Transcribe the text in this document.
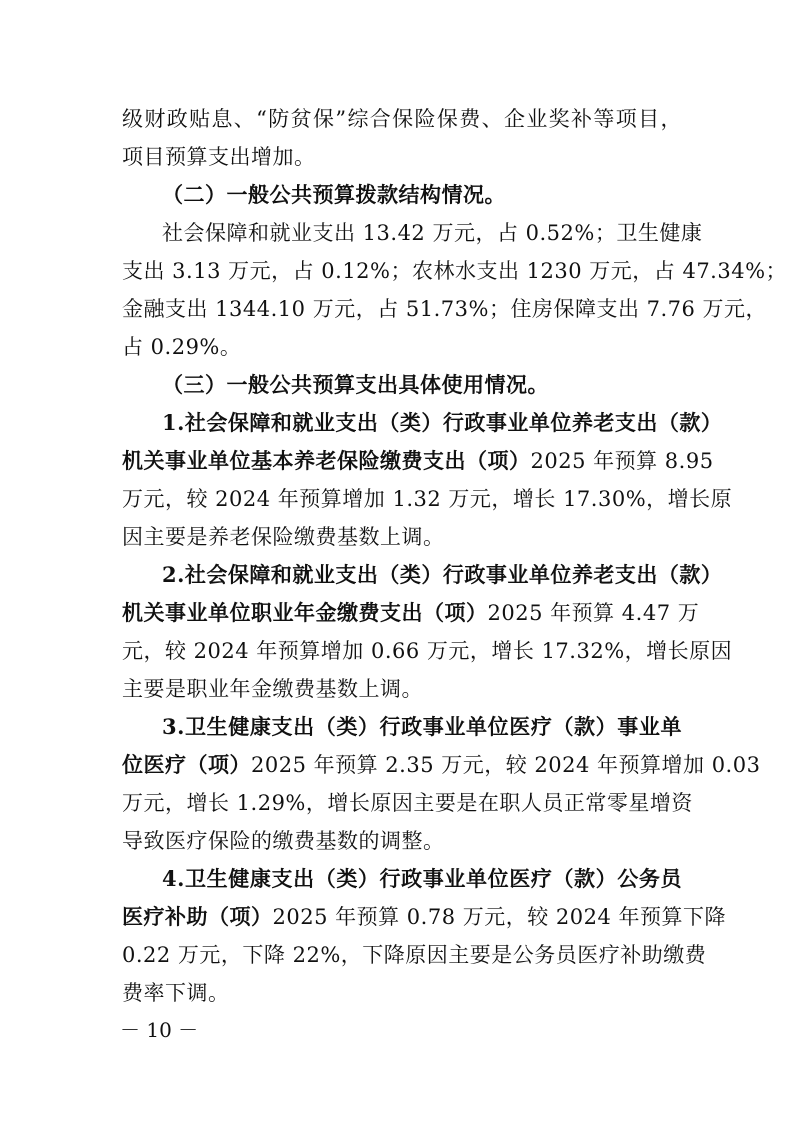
级财政贴息、“防贫保”综合保险保费、企业奖补等项目，
项目预算支出增加。
（二）一般公共预算拨款结构情况。
社会保障和就业支出 13.42 万元，占 0.52%；卫生健康
支出 3.13 万元，占 0.12%；农林水支出 1230 万元，占 47.34%；
金融支出 1344.10 万元，占 51.73%；住房保障支出 7.76 万元，
占 0.29%。
（三）一般公共预算支出具体使用情况。
1.社会保障和就业支出（类）行政事业单位养老支出（款）
机关事业单位基本养老保险缴费支出（项） 2025 年预算 8.95
万元，较 2024 年预算增加 1.32 万元，增长 17.30%，增长原
因主要是养老保险缴费基数上调。
2.社会保障和就业支出（类）行政事业单位养老支出（款）
机关事业单位职业年金缴费支出（项） 2025 年预算 4.47 万
元，较 2024 年预算增加 0.66 万元，增长 17.32%，增长原因
主要是职业年金缴费基数上调。
3.卫生健康支出（类）行政事业单位医疗（款）事业单
位医疗（项） 2025 年预算 2.35 万元，较 2024 年预算增加 0.03
万元，增长 1.29%，增长原因主要是在职人员正常零星增资
导致医疗保险的缴费基数的调整。
4.卫生健康支出（类）行政事业单位医疗（款）公务员
医疗补助（项） 2025 年预算 0.78 万元，较 2024 年预算下降
0.22 万元，下降 22%，下降原因主要是公务员医疗补助缴费
费率下调。
－ 10 －
